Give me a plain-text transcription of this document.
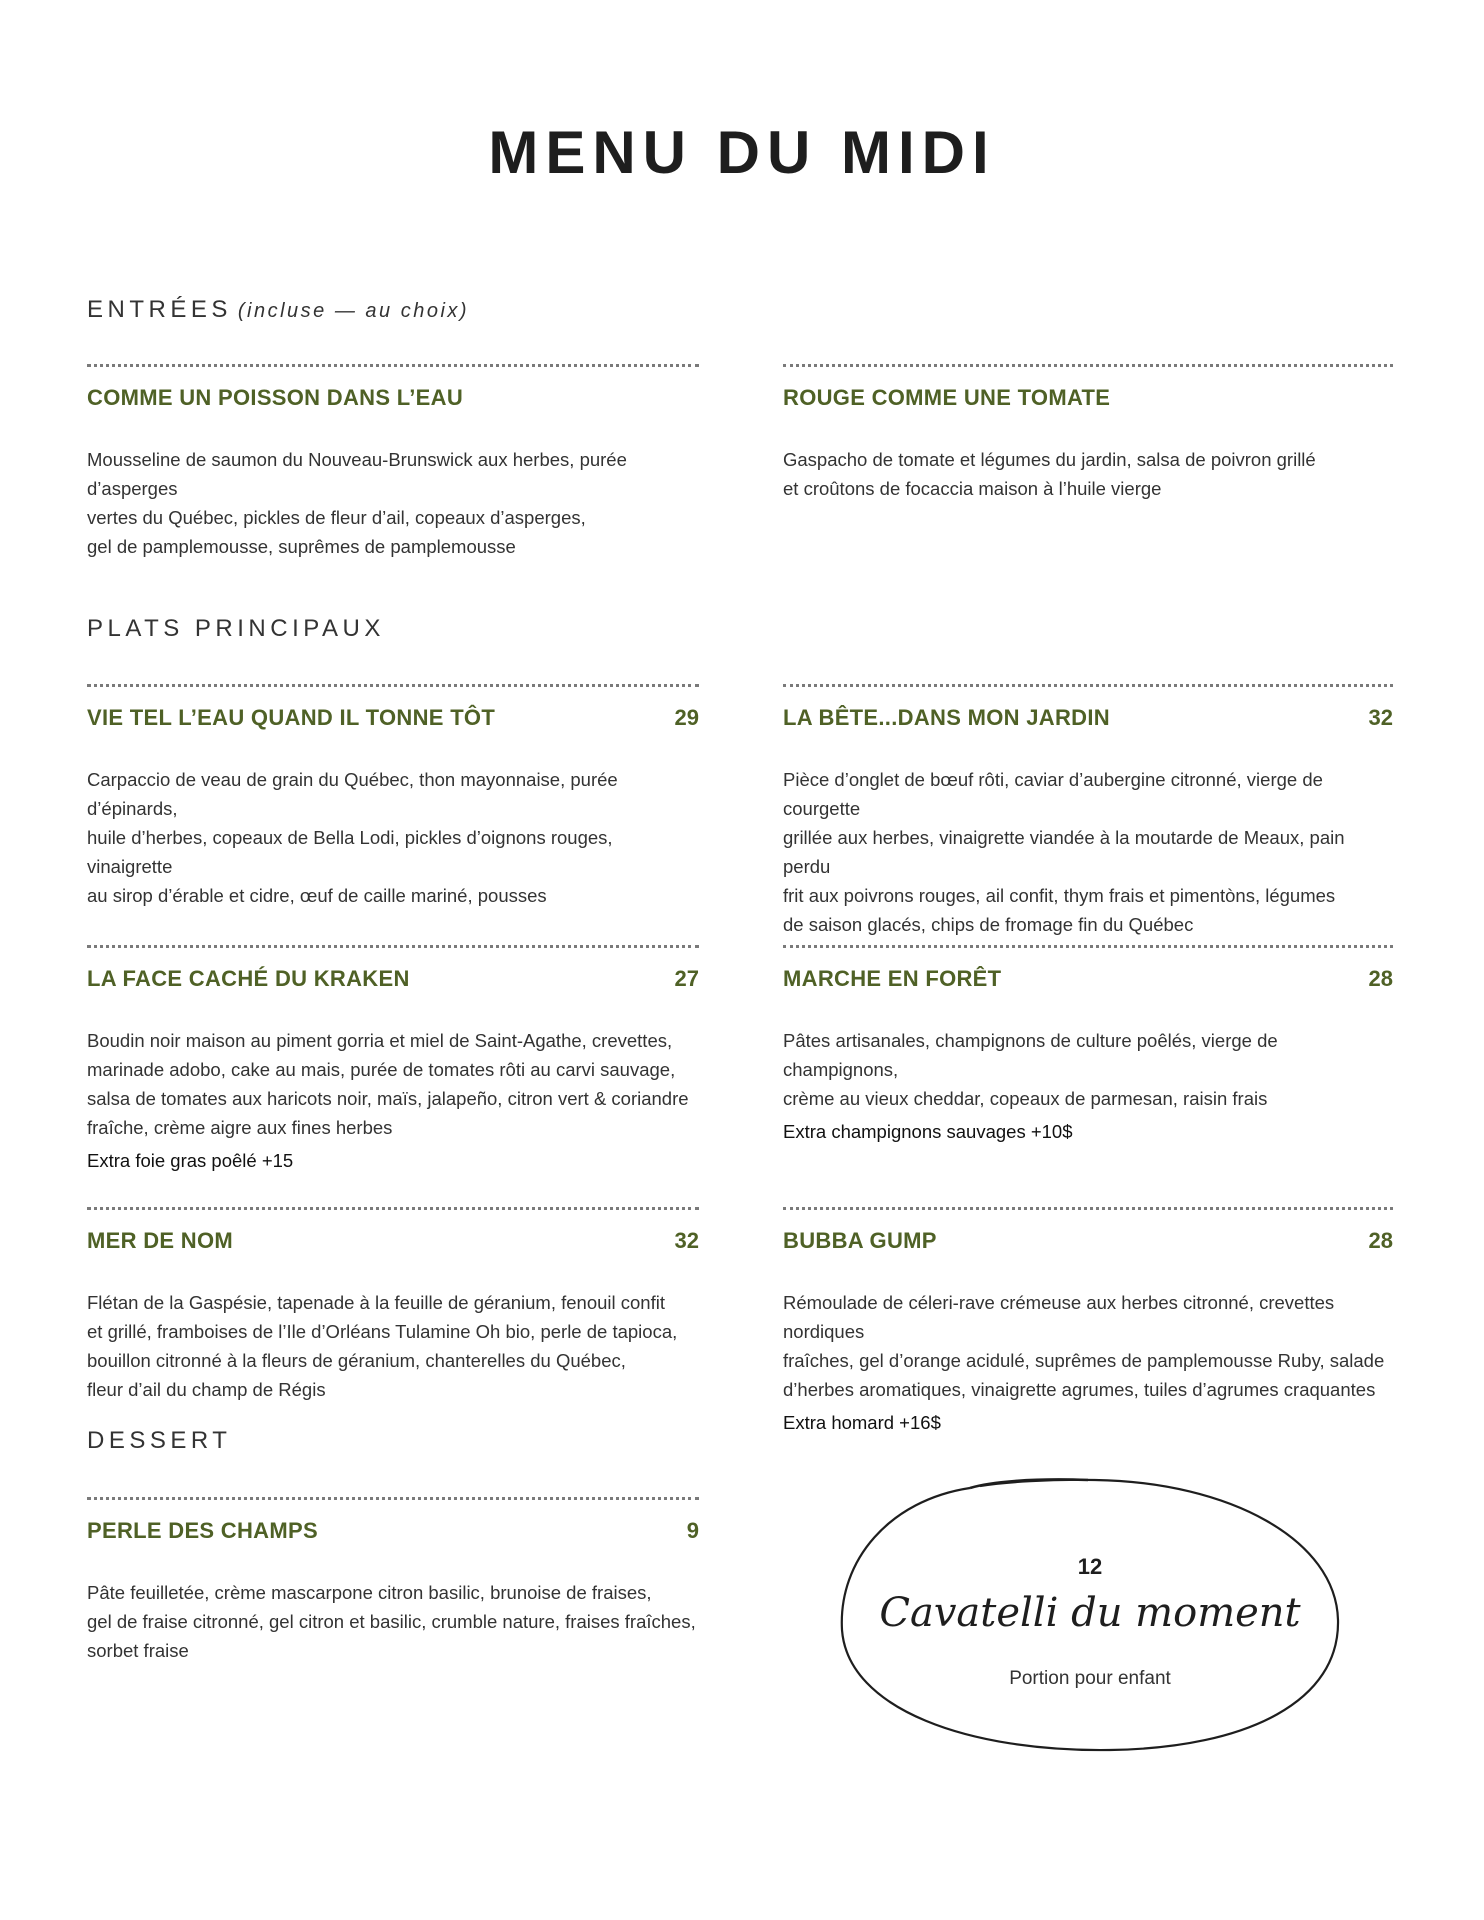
MENU DU MIDI
ENTRÉES (incluse — au choix)
COMME UN POISSON DANS L’EAU
Mousseline de saumon du Nouveau-Brunswick aux herbes, purée d’asperges
vertes du Québec, pickles de fleur d’ail, copeaux d’asperges,
gel de pamplemousse, suprêmes de pamplemousse
ROUGE COMME UNE TOMATE
Gaspacho de tomate et légumes du jardin, salsa de poivron grillé
et croûtons de focaccia maison à l’huile vierge
PLATS PRINCIPAUX
VIE TEL L’EAU QUAND IL TONNE TÔT	29
Carpaccio de veau de grain du Québec, thon mayonnaise, purée d’épinards,
huile d’herbes, copeaux de Bella Lodi, pickles d’oignons rouges, vinaigrette
au sirop d’érable et cidre, œuf de caille mariné, pousses
LA BÊTE...DANS MON JARDIN	32
Pièce d’onglet de bœuf rôti, caviar d’aubergine citronné, vierge de courgette
grillée aux herbes, vinaigrette viandée à la moutarde de Meaux, pain perdu
frit aux poivrons rouges, ail confit, thym frais et pimentòns, légumes
de saison glacés, chips de fromage fin du Québec
LA FACE CACHÉ DU KRAKEN	27
Boudin noir maison au piment gorria et miel de Saint-Agathe, crevettes,
marinade adobo, cake au mais, purée de tomates rôti au carvi sauvage,
salsa de tomates aux haricots noir, maïs, jalapeño, citron vert & coriandre
fraîche, crème aigre aux fines herbes
Extra foie gras poêlé +15
MARCHE EN FORÊT	28
Pâtes artisanales, champignons de culture poêlés, vierge de champignons,
crème au vieux cheddar, copeaux de parmesan, raisin frais
Extra champignons sauvages +10$
MER DE NOM	32
Flétan de la Gaspésie, tapenade à la feuille de géranium, fenouil confit
et grillé, framboises de l’Ile d’Orléans Tulamine Oh bio, perle de tapioca,
bouillon citronné à la fleurs de géranium, chanterelles du Québec,
fleur d’ail du champ de Régis
BUBBA GUMP	28
Rémoulade de céleri-rave crémeuse aux herbes citronné, crevettes nordiques
fraîches, gel d’orange acidulé, suprêmes de pamplemousse Ruby, salade
d’herbes aromatiques, vinaigrette agrumes, tuiles d’agrumes craquantes
Extra homard +16$
DESSERT
PERLE DES CHAMPS	9
Pâte feuilletée, crème mascarpone citron basilic, brunoise de fraises,
gel de fraise citronné, gel citron et basilic, crumble nature, fraises fraîches,
sorbet fraise
12
Cavatelli du moment
Portion pour enfant
